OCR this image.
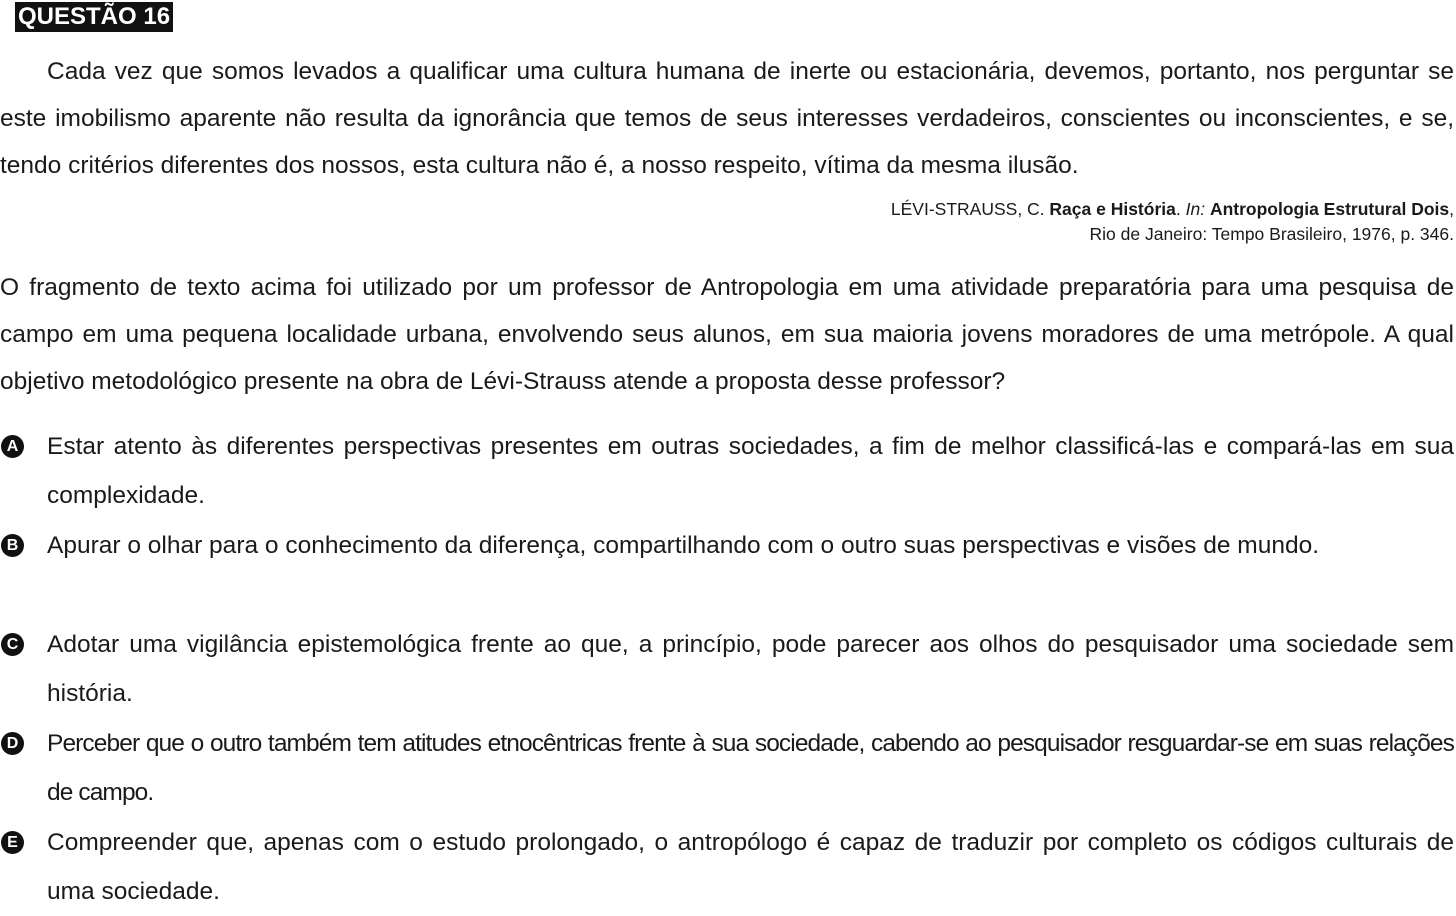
QUESTÃO 16

Cada vez que somos levados a qualificar uma cultura humana de inerte ou estacionária, devemos, portanto, nos perguntar se este imobilismo aparente não resulta da ignorância que temos de seus interesses verdadeiros, conscientes ou inconscientes, e se, tendo critérios diferentes dos nossos, esta cultura não é, a nosso respeito, vítima da mesma ilusão.

LÉVI-STRAUSS, C. Raça e História. In: Antropologia Estrutural Dois,
Rio de Janeiro: Tempo Brasileiro, 1976, p. 346.

O fragmento de texto acima foi utilizado por um professor de Antropologia em uma atividade preparatória para uma pesquisa de campo em uma pequena localidade urbana, envolvendo seus alunos, em sua maioria jovens moradores de uma metrópole. A qual objetivo metodológico presente na obra de Lévi-Strauss atende a proposta desse professor?

A Estar atento às diferentes perspectivas presentes em outras sociedades, a fim de melhor classificá-las e compará-las em sua complexidade.

B Apurar o olhar para o conhecimento da diferença, compartilhando com o outro suas perspectivas e visões de mundo.

C Adotar uma vigilância epistemológica frente ao que, a princípio, pode parecer aos olhos do pesquisador uma sociedade sem história.

D Perceber que o outro também tem atitudes etnocêntricas frente à sua sociedade, cabendo ao pesquisador resguardar-se em suas relações de campo.

E Compreender que, apenas com o estudo prolongado, o antropólogo é capaz de traduzir por completo os códigos culturais de uma sociedade.
